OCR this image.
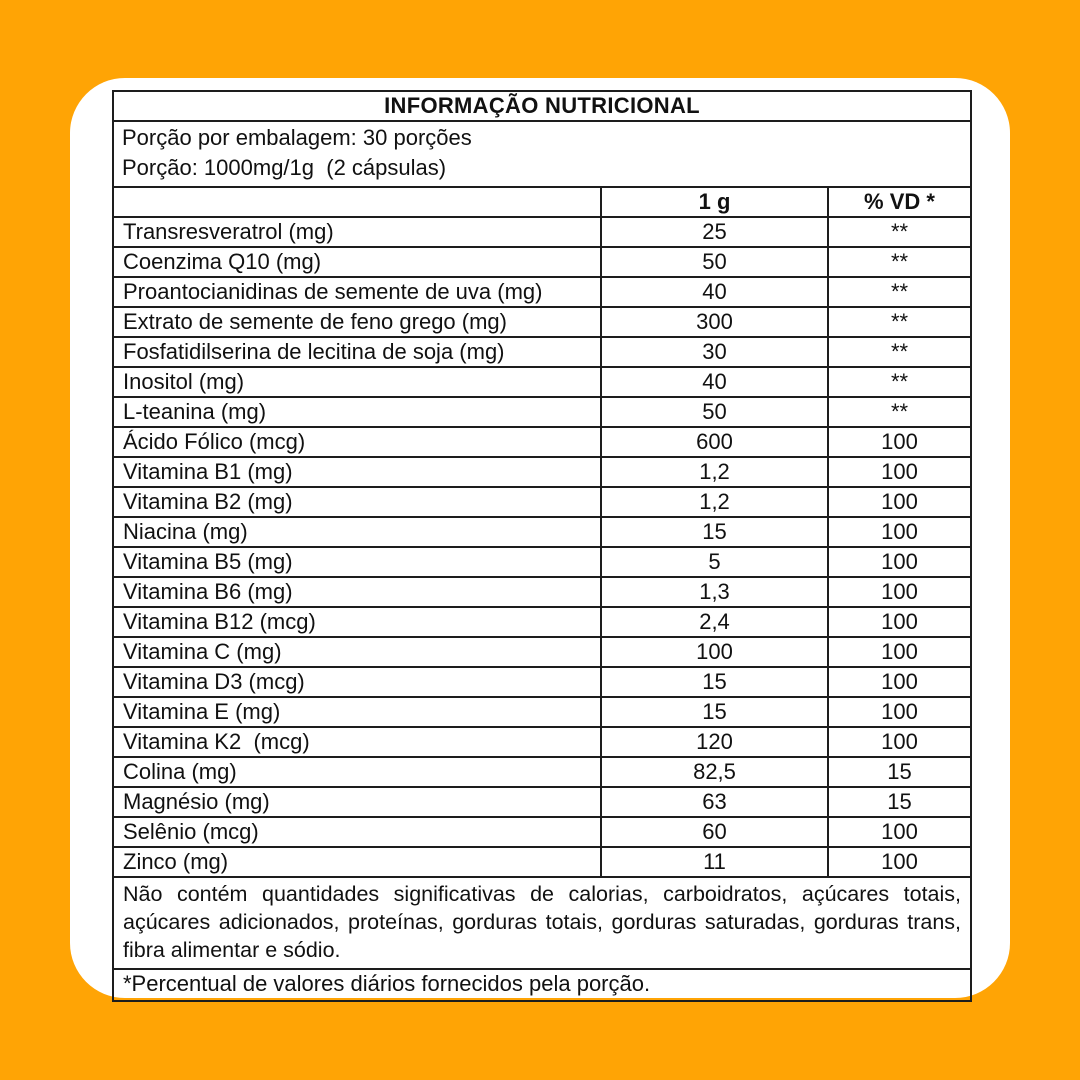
INFORMAÇÃO NUTRICIONAL		

Porção por embalagem: 30 porções
Porção: 1000mg/1g  (2 cápsulas)		

	1 g	% VD *
Transresveratrol (mg)	25	**
Coenzima Q10 (mg)	50	**
Proantocianidinas de semente de uva (mg)	40	**
Extrato de semente de feno grego (mg)	300	**
Fosfatidilserina de lecitina de soja (mg)	30	**
Inositol (mg)	40	**
L-teanina (mg)	50	**
Ácido Fólico (mcg)	600	100
Vitamina B1 (mg)	1,2	100
Vitamina B2 (mg)	1,2	100
Niacina (mg)	15	100
Vitamina B5 (mg)	5	100
Vitamina B6 (mg)	1,3	100
Vitamina B12 (mcg)	2,4	100
Vitamina C (mg)	100	100
Vitamina D3 (mcg)	15	100
Vitamina E (mg)	15	100
Vitamina K2  (mcg)	120	100
Colina (mg)	82,5	15
Magnésio (mg)	63	15
Selênio (mcg)	60	100
Zinco (mg)	11	100
Não contém quantidades significativas de calorias, carboidratos, açúcares totais, açúcares adicionados, proteínas, gorduras totais, gorduras saturadas, gorduras trans, fibra alimentar e sódio.		
*Percentual de valores diários fornecidos pela porção.		
